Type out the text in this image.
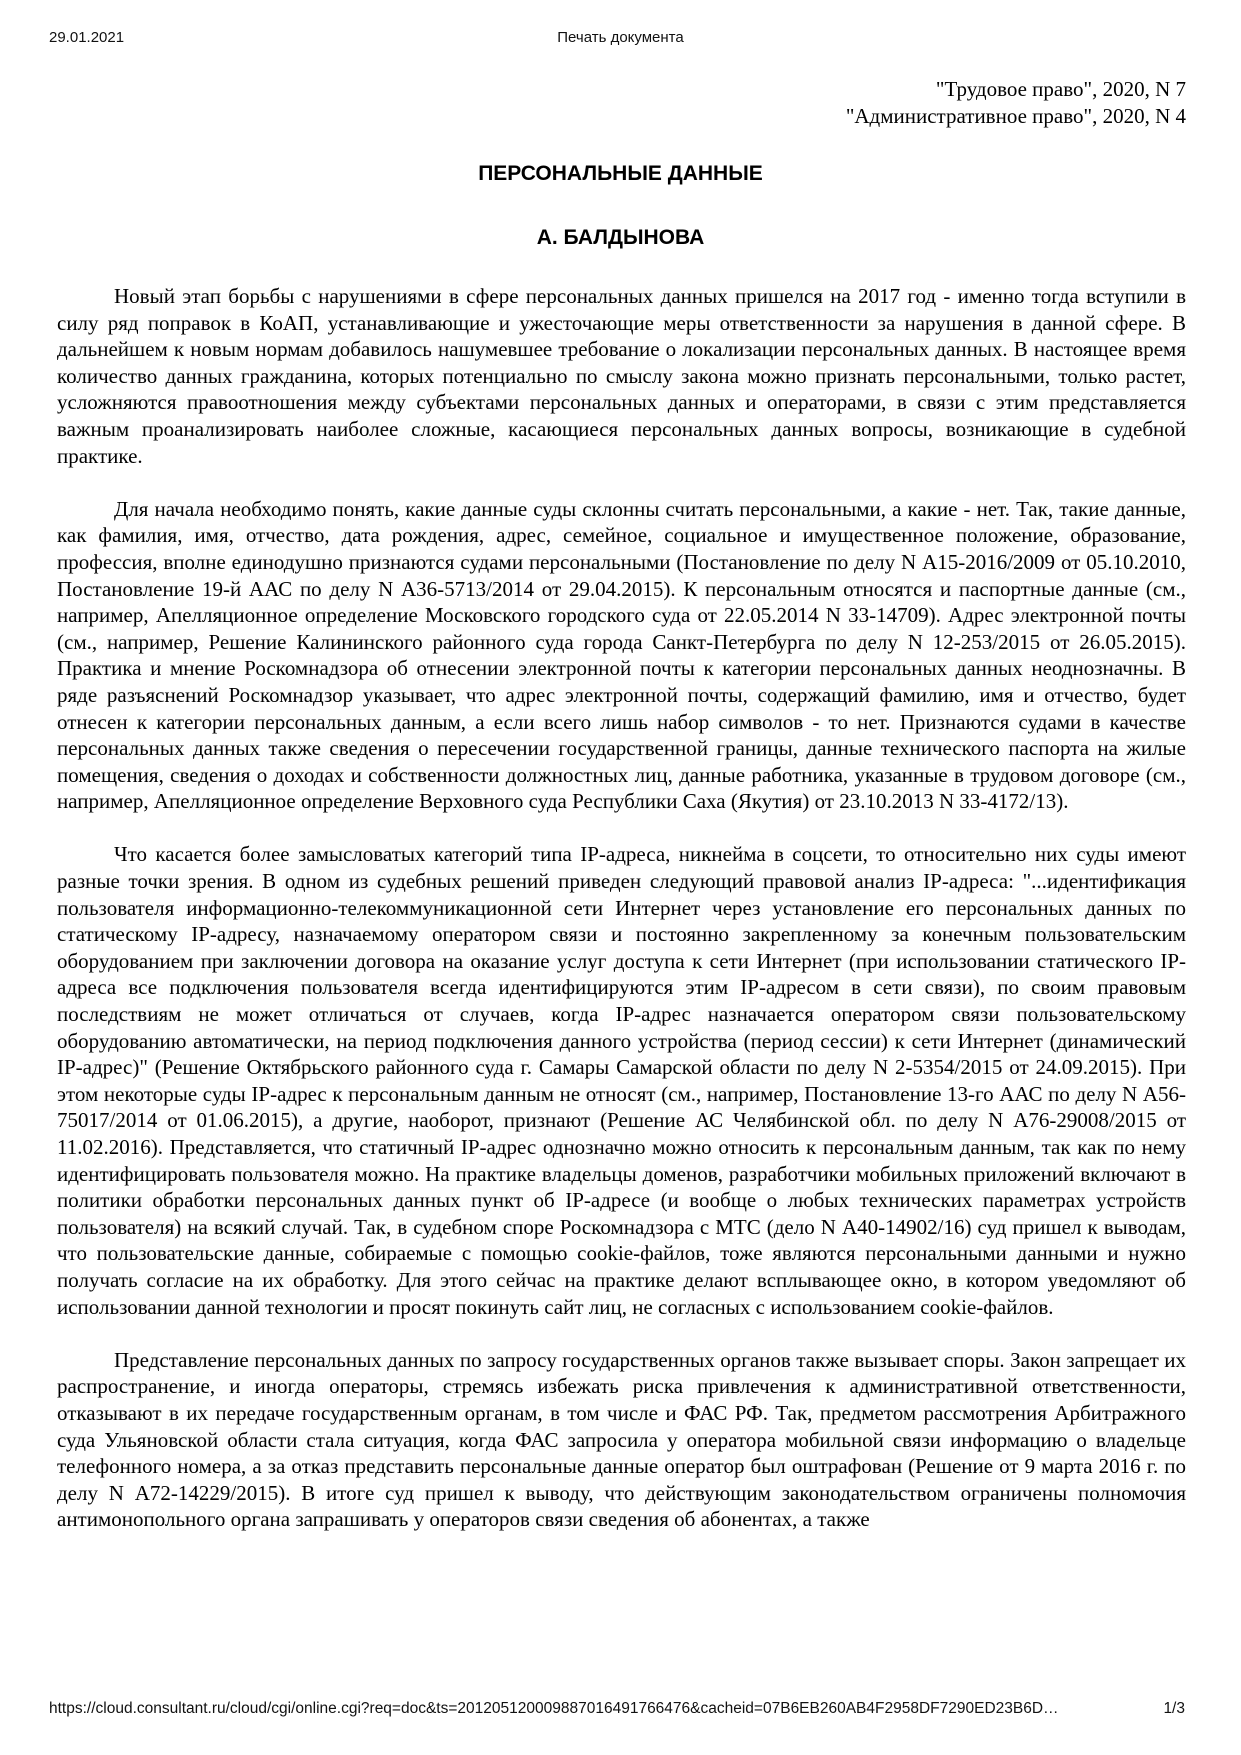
29.01.2021	Печать документа
"Трудовое право", 2020, N 7
"Административное право", 2020, N 4
ПЕРСОНАЛЬНЫЕ ДАННЫЕ
А. БАЛДЫНОВА

Новый этап борьбы с нарушениями в сфере персональных данных пришелся на 2017 год - именно тогда вступили в силу ряд поправок в КоАП, устанавливающие и ужесточающие меры ответственности за нарушения в данной сфере. В дальнейшем к новым нормам добавилось нашумевшее требование о локализации персональных данных. В настоящее время количество данных гражданина, которых потенциально по смыслу закона можно признать персональными, только растет, усложняются правоотношения между субъектами персональных данных и операторами, в связи с этим представляется важным проанализировать наиболее сложные, касающиеся персональных данных вопросы, возникающие в судебной практике.

Для начала необходимо понять, какие данные суды склонны считать персональными, а какие - нет. Так, такие данные, как фамилия, имя, отчество, дата рождения, адрес, семейное, социальное и имущественное положение, образование, профессия, вполне единодушно признаются судами персональными (Постановление по делу N А15-2016/2009 от 05.10.2010, Постановление 19-й ААС по делу N А36-5713/2014 от 29.04.2015). К персональным относятся и паспортные данные (см., например, Апелляционное определение Московского городского суда от 22.05.2014 N 33-14709). Адрес электронной почты (см., например, Решение Калининского районного суда города Санкт-Петербурга по делу N 12-253/2015 от 26.05.2015). Практика и мнение Роскомнадзора об отнесении электронной почты к категории персональных данных неоднозначны. В ряде разъяснений Роскомнадзор указывает, что адрес электронной почты, содержащий фамилию, имя и отчество, будет отнесен к категории персональных данным, а если всего лишь набор символов - то нет. Признаются судами в качестве персональных данных также сведения о пересечении государственной границы, данные технического паспорта на жилые помещения, сведения о доходах и собственности должностных лиц, данные работника, указанные в трудовом договоре (см., например, Апелляционное определение Верховного суда Республики Саха (Якутия) от 23.10.2013 N 33-4172/13).

Что касается более замысловатых категорий типа IP-адреса, никнейма в соцсети, то относительно них суды имеют разные точки зрения. В одном из судебных решений приведен следующий правовой анализ IP-адреса: "...идентификация пользователя информационно-телекоммуникационной сети Интернет через установление его персональных данных по статическому IP-адресу, назначаемому оператором связи и постоянно закрепленному за конечным пользовательским оборудованием при заключении договора на оказание услуг доступа к сети Интернет (при использовании статического IP-адреса все подключения пользователя всегда идентифицируются этим IP-адресом в сети связи), по своим правовым последствиям не может отличаться от случаев, когда IP-адрес назначается оператором связи пользовательскому оборудованию автоматически, на период подключения данного устройства (период сессии) к сети Интернет (динамический IP-адрес)" (Решение Октябрьского районного суда г. Самары Самарской области по делу N 2-5354/2015 от 24.09.2015). При этом некоторые суды IP-адрес к персональным данным не относят (см., например, Постановление 13-го ААС по делу N А56-75017/2014 от 01.06.2015), а другие, наоборот, признают (Решение АС Челябинской обл. по делу N А76-29008/2015 от 11.02.2016). Представляется, что статичный IP-адрес однозначно можно относить к персональным данным, так как по нему идентифицировать пользователя можно. На практике владельцы доменов, разработчики мобильных приложений включают в политики обработки персональных данных пункт об IP-адресе (и вообще о любых технических параметрах устройств пользователя) на всякий случай. Так, в судебном споре Роскомнадзора с МТС (дело N А40-14902/16) суд пришел к выводам, что пользовательские данные, собираемые с помощью cookie-файлов, тоже являются персональными данными и нужно получать согласие на их обработку. Для этого сейчас на практике делают всплывающее окно, в котором уведомляют об использовании данной технологии и просят покинуть сайт лиц, не согласных с использованием cookie-файлов.

Представление персональных данных по запросу государственных органов также вызывает споры. Закон запрещает их распространение, и иногда операторы, стремясь избежать риска привлечения к административной ответственности, отказывают в их передаче государственным органам, в том числе и ФАС РФ. Так, предметом рассмотрения Арбитражного суда Ульяновской области стала ситуация, когда ФАС запросила у оператора мобильной связи информацию о владельце телефонного номера, а за отказ представить персональные данные оператор был оштрафован (Решение от 9 марта 2016 г. по делу N А72-14229/2015). В итоге суд пришел к выводу, что действующим законодательством ограничены полномочия антимонопольного органа запрашивать у операторов связи сведения об абонентах, а также

https://cloud.consultant.ru/cloud/cgi/online.cgi?req=doc&ts=201205120009887016491766476&cacheid=07B6EB260AB4F2958DF7290ED23B6D…	1/3
